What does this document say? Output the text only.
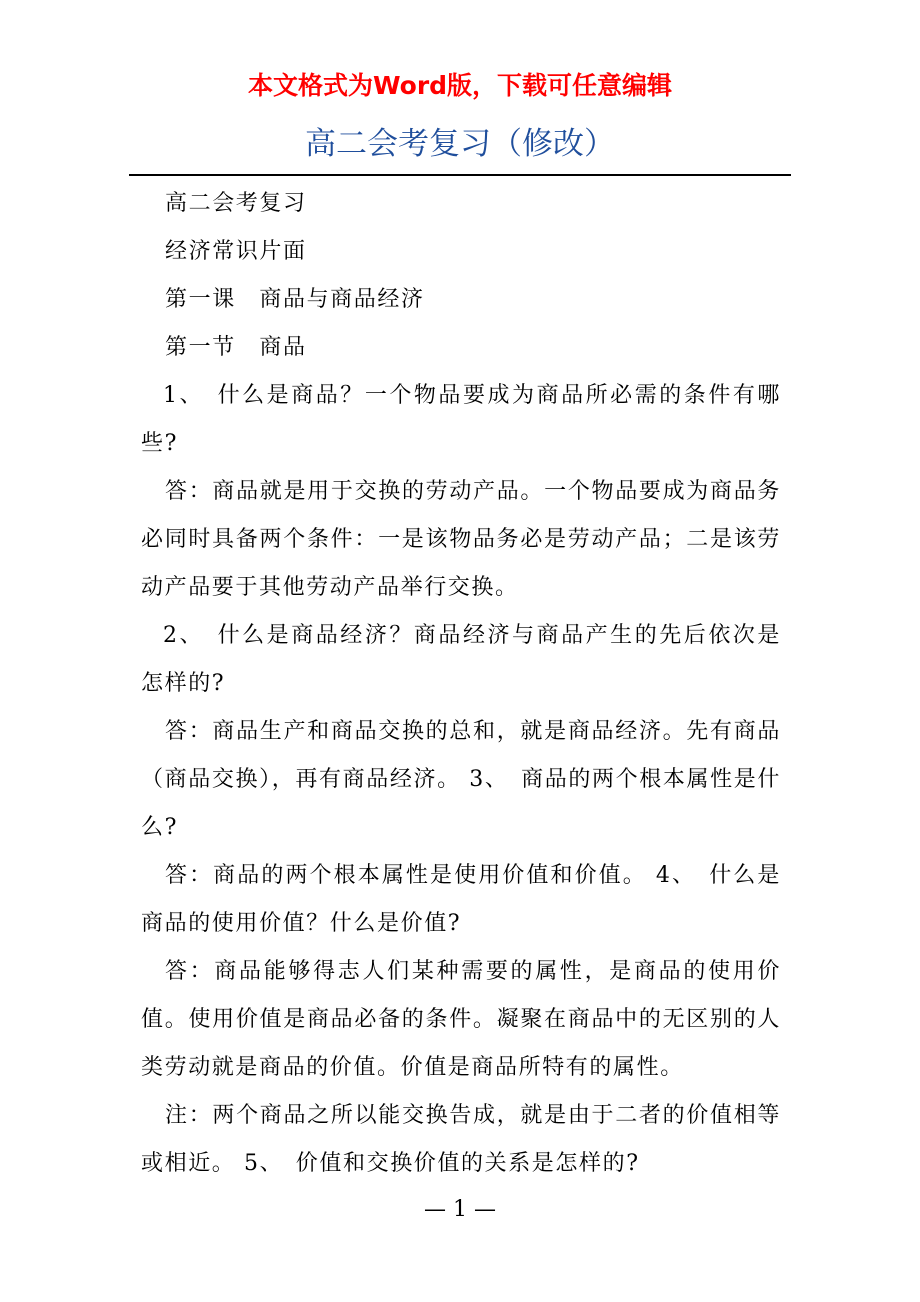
本文格式为Word版，下载可任意编辑
高二会考复习（修改）

高二会考复习

经济常识片面

第一课　商品与商品经济

第一节　商品

1、　什么是商品？一个物品要成为商品所必需的条件有哪些?

答：商品就是用于交换的劳动产品。一个物品要成为商品务必同时具备两个条件：一是该物品务必是劳动产品；二是该劳动产品要于其他劳动产品举行交换。

2、　什么是商品经济？商品经济与商品产生的先后依次是怎样的?

答：商品生产和商品交换的总和，就是商品经济。先有商品（商品交换），再有商品经济。 3、　商品的两个根本属性是什么?

答：商品的两个根本属性是使用价值和价值。 4、　什么是商品的使用价值？什么是价值?

答：商品能够得志人们某种需要的属性，是商品的使用价值。使用价值是商品必备的条件。凝聚在商品中的无区别的人类劳动就是商品的价值。价值是商品所特有的属性。

注：两个商品之所以能交换告成，就是由于二者的价值相等或相近。 5、　价值和交换价值的关系是怎样的?

— 1 —
